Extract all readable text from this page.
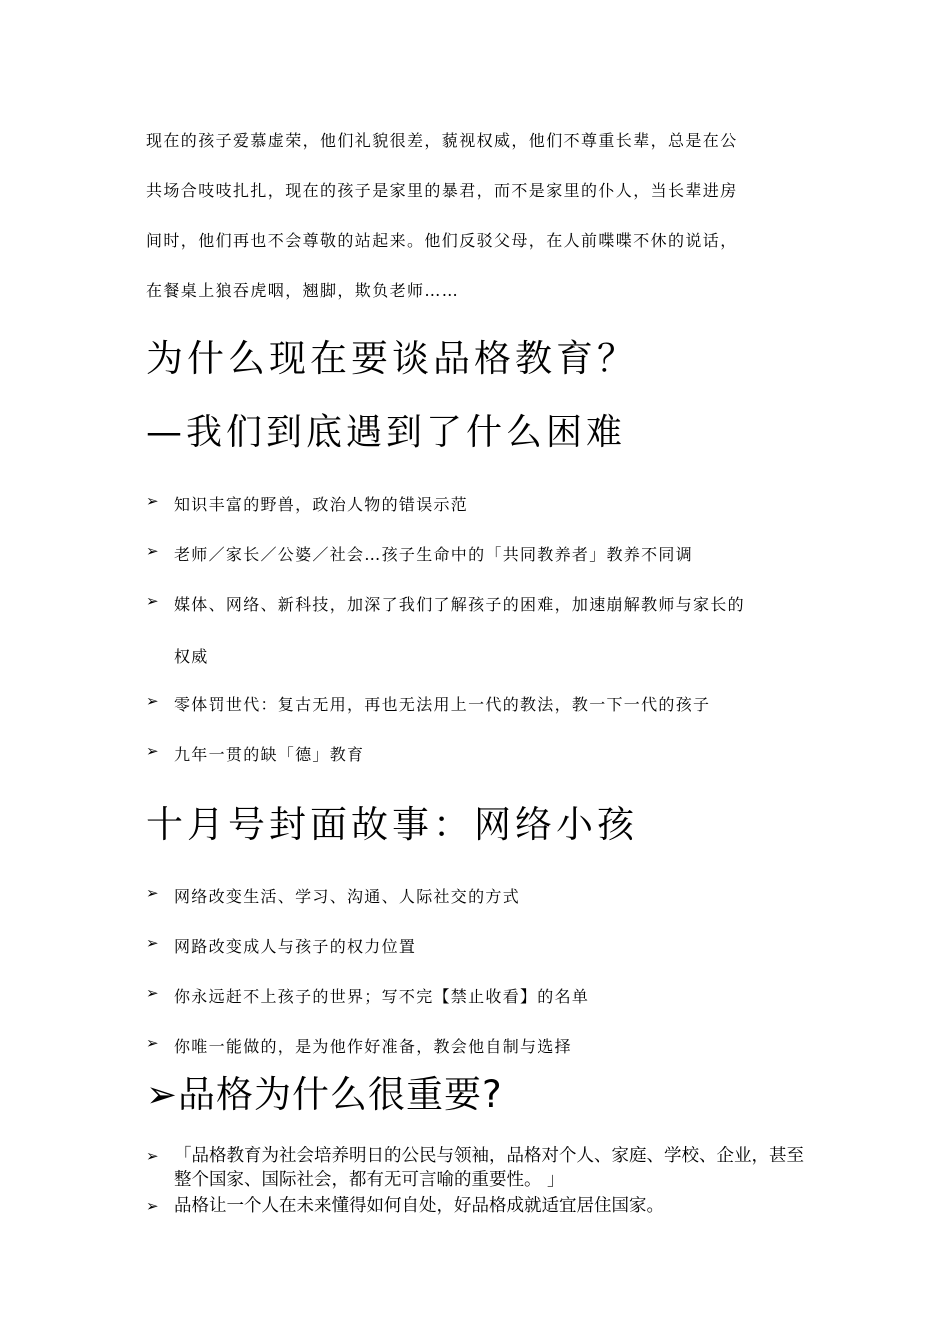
现在的孩子爱慕虚荣，他们礼貌很差，藐视权威，他们不尊重长辈，总是在公
共场合吱吱扎扎，现在的孩子是家里的暴君，而不是家里的仆人，当长辈进房
间时，他们再也不会尊敬的站起来。他们反驳父母，在人前喋喋不休的说话，
在餐桌上狼吞虎咽，翘脚，欺负老师……
为什么现在要谈品格教育？
—我们到底遇到了什么困难
➢ 知识丰富的野兽，政治人物的错误示范
➢ 老师／家长／公婆／社会…孩子生命中的「共同教养者」教养不同调
➢ 媒体、网络、新科技，加深了我们了解孩子的困难，加速崩解教师与家长的
权威
➢ 零体罚世代：复古无用，再也无法用上一代的教法，教一下一代的孩子
➢ 九年一贯的缺「德」教育
十月号封面故事：网络小孩
➢ 网络改变生活、学习、沟通、人际社交的方式
➢ 网路改变成人与孩子的权力位置
➢ 你永远赶不上孩子的世界；写不完【禁止收看】的名单
➢ 你唯一能做的，是为他作好准备，教会他自制与选择
➢品格为什么很重要?
➢ 「品格教育为社会培养明日的公民与领袖，品格对个人、家庭、学校、企业，甚至整个国家、国际社会，都有无可言喻的重要性。 」
➢ 品格让一个人在未来懂得如何自处，好品格成就适宜居住国家。
